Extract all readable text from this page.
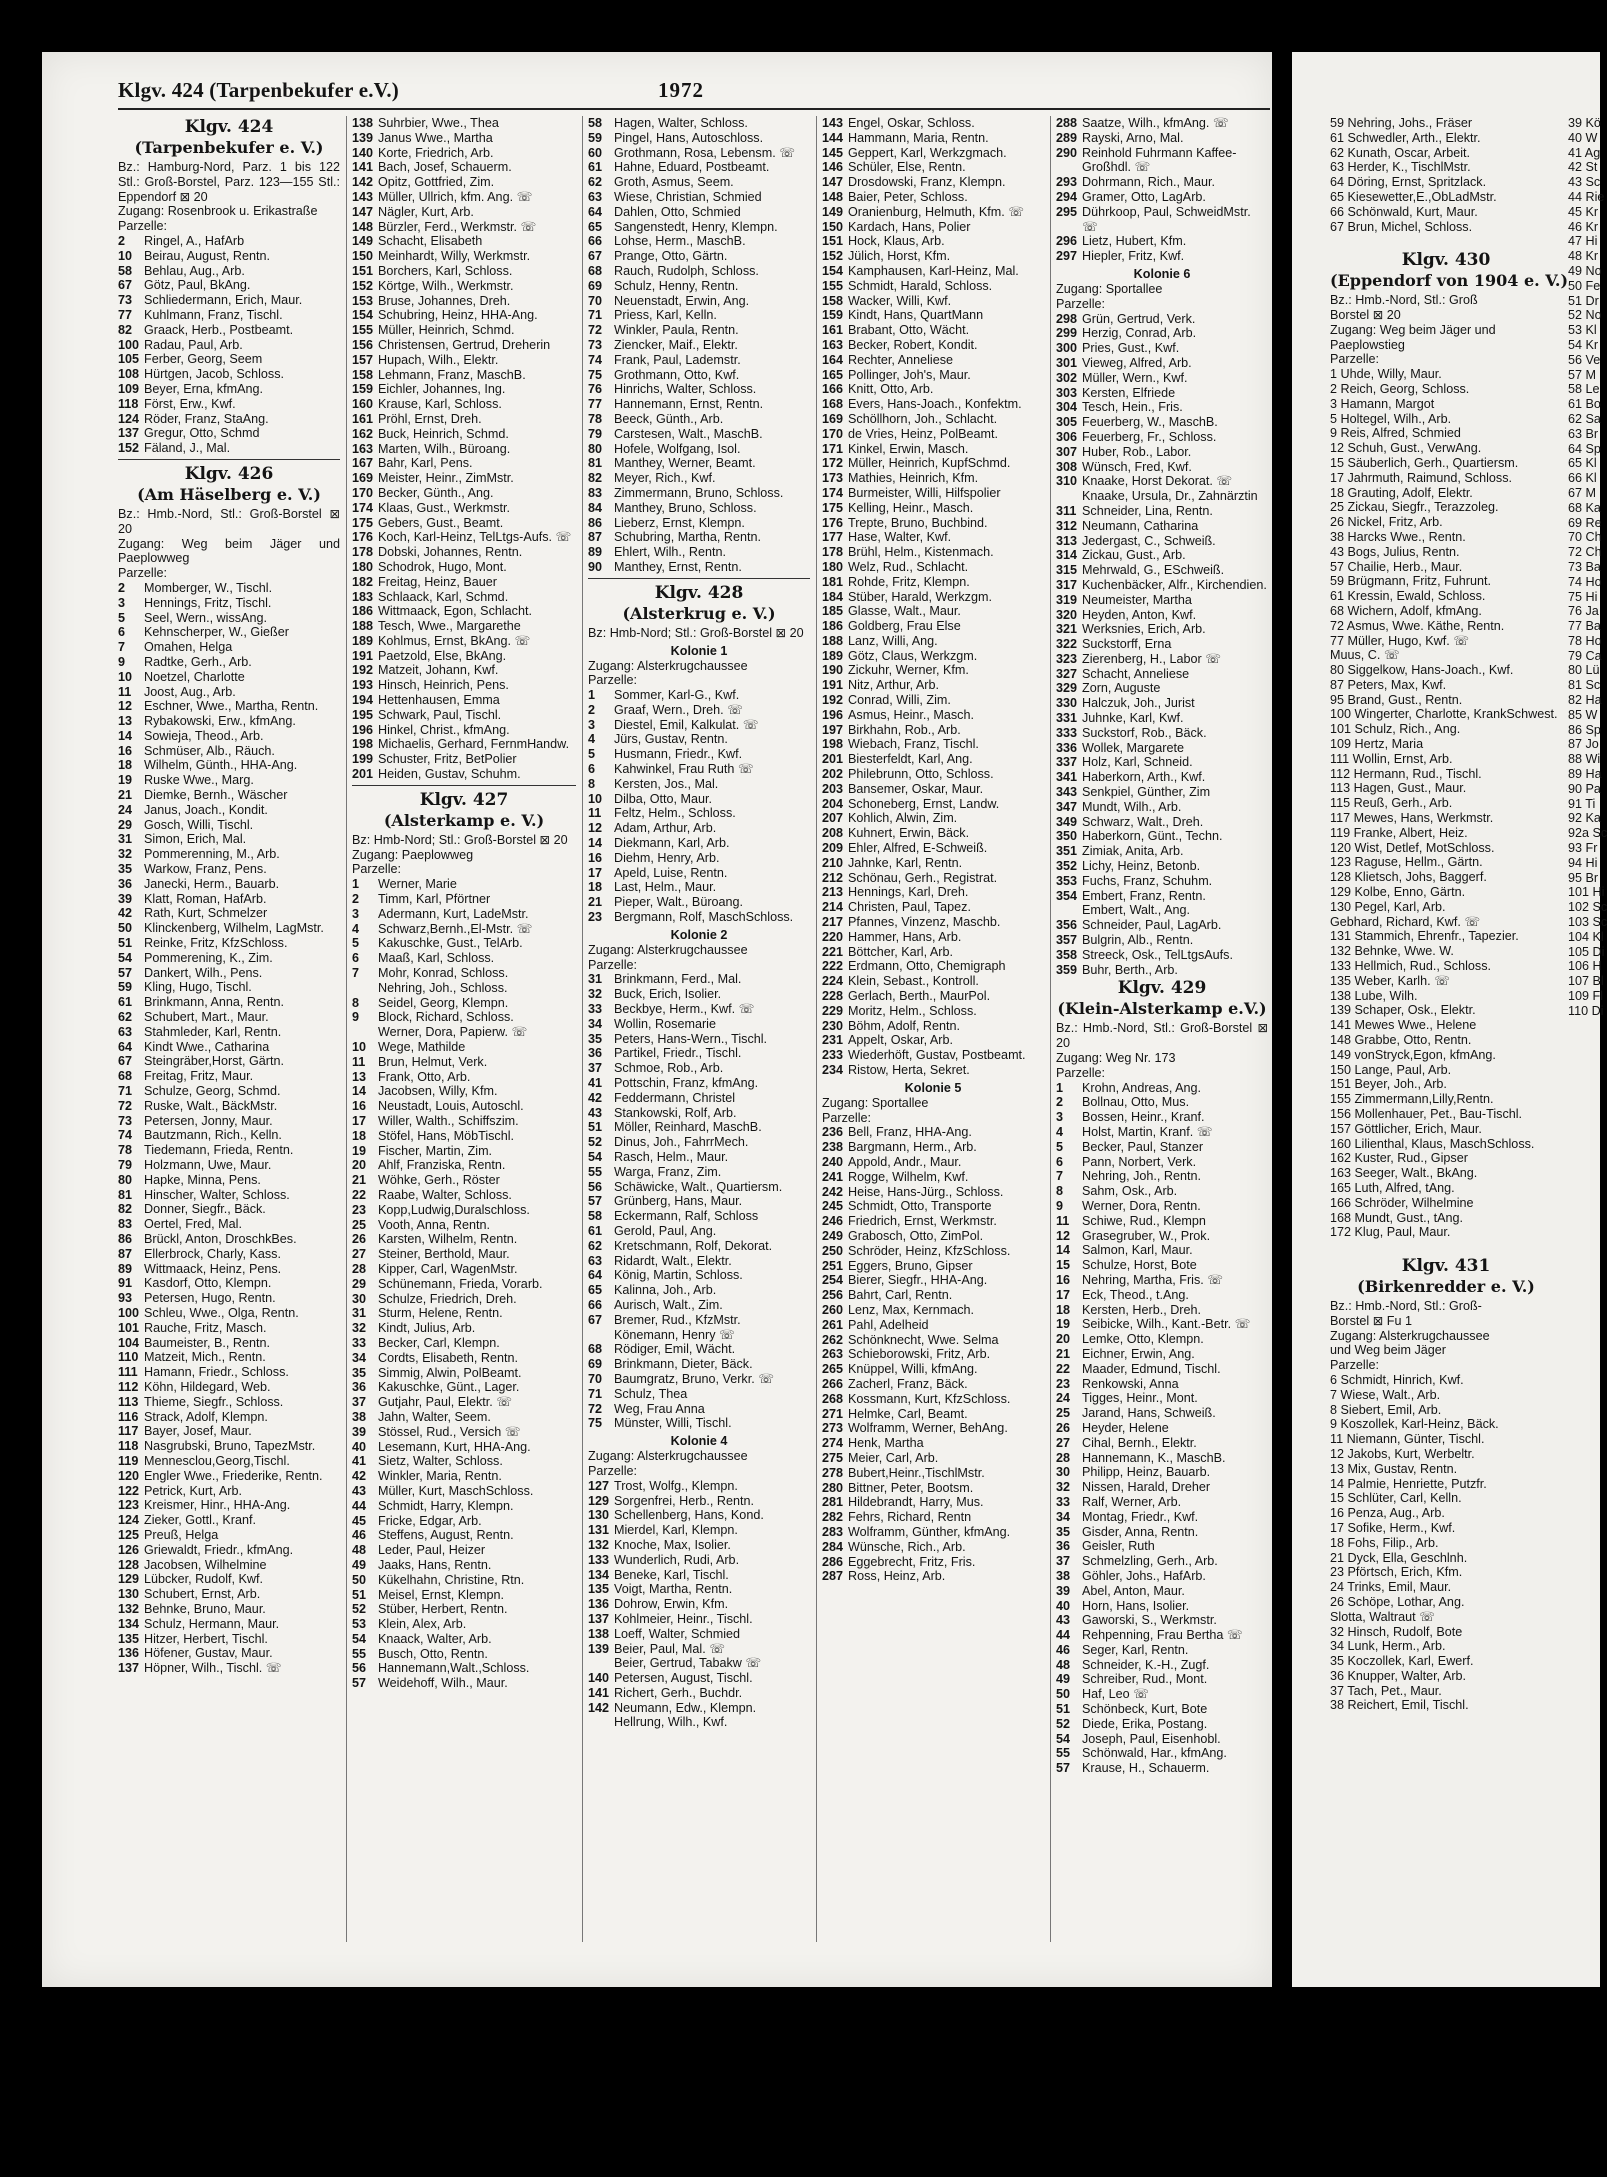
Klgv. 424 (Tarpenbekufer e.V.)	1972
Klgv. 424
(Tarpenbekufer e. V.)
Bz.: Hamburg-Nord, Parz. 1 bis 122 Stl.: Groß-Borstel, Parz. 123—155 Stl.: Eppendorf ⊠ 20
Zugang: Rosenbrook u. Erikastraße
Parzelle:
2 Ringel, A., HafArb
10 Beirau, August, Rentn.
58 Behlau, Aug., Arb.
67 Götz, Paul, BkAng.
73 Schliedermann, Erich, Maur.
77 Kuhlmann, Franz, Tischl.
82 Graack, Herb., Postbeamt.
100 Radau, Paul, Arb.
105 Ferber, Georg, Seem
108 Hürtgen, Jacob, Schloss.
109 Beyer, Erna, kfmAng.
118 Först, Erw., Kwf.
124 Röder, Franz, StaAng.
137 Gregur, Otto, Schmd
152 Fäland, J., Mal.
Klgv. 426
(Am Häselberg e. V.)
Bz.: Hmb.-Nord, Stl.: Groß-Borstel ⊠ 20
Zugang: Weg beim Jäger und Paeplowweg
Parzelle:
2 Momberger, W., Tischl.
3 Hennings, Fritz, Tischl.
5 Seel, Wern., wissAng.
6 Kehnscherper, W., Gießer
7 Omahen, Helga
9 Radtke, Gerh., Arb.
10 Noetzel, Charlotte
11 Joost, Aug., Arb.
12 Eschner, Wwe., Martha, Rentn.
13 Rybakowski, Erw., kfmAng.
14 Sowieja, Theod., Arb.
16 Schmüser, Alb., Räuch.
18 Wilhelm, Günth., HHA-Ang.
19 Ruske Wwe., Marg.
21 Diemke, Bernh., Wäscher
24 Janus, Joach., Kondit.
29 Gosch, Willi, Tischl.
31 Simon, Erich, Mal.
32 Pommerenning, M., Arb.
35 Warkow, Franz, Pens.
36 Janecki, Herm., Bauarb.
39 Klatt, Roman, HafArb.
42 Rath, Kurt, Schmelzer
50 Klinckenberg, Wilhelm, LagMstr.
51 Reinke, Fritz, KfzSchloss.
54 Pommerening, K., Zim.
57 Dankert, Wilh., Pens.
59 Kling, Hugo, Tischl.
61 Brinkmann, Anna, Rentn.
62 Schubert, Mart., Maur.
63 Stahmleder, Karl, Rentn.
64 Kindt Wwe., Catharina
67 Steingräber,Horst, Gärtn.
68 Freitag, Fritz, Maur.
71 Schulze, Georg, Schmd.
72 Ruske, Walt., BäckMstr.
73 Petersen, Jonny, Maur.
74 Bautzmann, Rich., Kelln.
78 Tiedemann, Frieda, Rentn.
79 Holzmann, Uwe, Maur.
80 Hapke, Minna, Pens.
81 Hinscher, Walter, Schloss.
82 Donner, Siegfr., Bäck.
83 Oertel, Fred, Mal.
86 Brückl, Anton, DroschkBes.
87 Ellerbrock, Charly, Kass.
89 Wittmaack, Heinz, Pens.
91 Kasdorf, Otto, Klempn.
93 Petersen, Hugo, Rentn.
100 Schleu, Wwe., Olga, Rentn.
101 Rauche, Fritz, Masch.
104 Baumeister, B., Rentn.
110 Matzeit, Mich., Rentn.
111 Hamann, Friedr., Schloss.
112 Köhn, Hildegard, Web.
113 Thieme, Siegfr., Schloss.
116 Strack, Adolf, Klempn.
117 Bayer, Josef, Maur.
118 Nasgrubski, Bruno, TapezMstr.
119 Mennesclou,Georg,Tischl.
120 Engler Wwe., Friederike, Rentn.
122 Petrick, Kurt, Arb.
123 Kreismer, Hinr., HHA-Ang.
124 Zieker, Gottl., Kranf.
125 Preuß, Helga
126 Griewaldt, Friedr., kfmAng.
128 Jacobsen, Wilhelmine
129 Lübcker, Rudolf, Kwf.
130 Schubert, Ernst, Arb.
132 Behnke, Bruno, Maur.
134 Schulz, Hermann, Maur.
135 Hitzer, Herbert, Tischl.
136 Höfener, Gustav, Maur.
137 Höpner, Wilh., Tischl. ☏
138 Suhrbier, Wwe., Thea
139 Janus Wwe., Martha
140 Korte, Friedrich, Arb.
141 Bach, Josef, Schauerm.
142 Opitz, Gottfried, Zim.
143 Müller, Ullrich, kfm. Ang. ☏
147 Nägler, Kurt, Arb.
148 Bürzler, Ferd., Werkmstr. ☏
149 Schacht, Elisabeth
150 Meinhardt, Willy, Werkmstr.
151 Borchers, Karl, Schloss.
152 Körtge, Wilh., Werkmstr.
153 Bruse, Johannes, Dreh.
154 Schubring, Heinz, HHA-Ang.
155 Müller, Heinrich, Schmd.
156 Christensen, Gertrud, Dreherin
157 Hupach, Wilh., Elektr.
158 Lehmann, Franz, MaschB.
159 Eichler, Johannes, Ing.
160 Krause, Karl, Schloss.
161 Pröhl, Ernst, Dreh.
162 Buck, Heinrich, Schmd.
163 Marten, Wilh., Büroang.
167 Bahr, Karl, Pens.
169 Meister, Heinr., ZimMstr.
170 Becker, Günth., Ang.
174 Klaas, Gust., Werkmstr.
175 Gebers, Gust., Beamt.
176 Koch, Karl-Heinz, TelLtgs-Aufs. ☏
178 Dobski, Johannes, Rentn.
180 Schodrok, Hugo, Mont.
182 Freitag, Heinz, Bauer
183 Schlaack, Karl, Schmd.
186 Wittmaack, Egon, Schlacht.
188 Tesch, Wwe., Margarethe
189 Kohlmus, Ernst, BkAng. ☏
191 Paetzold, Else, BkAng.
192 Matzeit, Johann, Kwf.
193 Hinsch, Heinrich, Pens.
194 Hettenhausen, Emma
195 Schwark, Paul, Tischl.
196 Hinkel, Christ., kfmAng.
198 Michaelis, Gerhard, FernmHandw.
199 Schuster, Fritz, BetPolier
201 Heiden, Gustav, Schuhm.
Klgv. 427
(Alsterkamp e. V.)
Bz: Hmb-Nord; Stl.: Groß-Borstel ⊠ 20
Zugang: Paeplowweg
Parzelle:
1 Werner, Marie
2 Timm, Karl, Pförtner
3 Adermann, Kurt, LadeMstr.
4 Schwarz,Bernh.,El-Mstr. ☏
5 Kakuschke, Gust., TelArb.
6 Maaß, Karl, Schloss.
7 Mohr, Konrad, Schloss.
Nehring, Joh., Schloss.
8 Seidel, Georg, Klempn.
9 Block, Richard, Schloss.
Werner, Dora, Papierw. ☏
10 Wege, Mathilde
11 Brun, Helmut, Verk.
13 Frank, Otto, Arb.
14 Jacobsen, Willy, Kfm.
16 Neustadt, Louis, Autoschl.
17 Willer, Walth., Schiffszim.
18 Stöfel, Hans, MöbTischl.
19 Fischer, Martin, Zim.
20 Ahlf, Franziska, Rentn.
21 Wöhke, Gerh., Röster
22 Raabe, Walter, Schloss.
23 Kopp,Ludwig,Duralschloss.
25 Vooth, Anna, Rentn.
26 Karsten, Wilhelm, Rentn.
27 Steiner, Berthold, Maur.
28 Kipper, Carl, WagenMstr.
29 Schünemann, Frieda, Vorarb.
30 Schulze, Friedrich, Dreh.
31 Sturm, Helene, Rentn.
32 Kindt, Julius, Arb.
33 Becker, Carl, Klempn.
34 Cordts, Elisabeth, Rentn.
35 Simmig, Alwin, PolBeamt.
36 Kakuschke, Günt., Lager.
37 Gutjahr, Paul, Elektr. ☏
38 Jahn, Walter, Seem.
39 Stössel, Rud., Versich ☏
40 Lesemann, Kurt, HHA-Ang.
41 Sietz, Walter, Schloss.
42 Winkler, Maria, Rentn.
43 Müller, Kurt, MaschSchloss.
44 Schmidt, Harry, Klempn.
45 Fricke, Edgar, Arb.
46 Steffens, August, Rentn.
48 Leder, Paul, Heizer
49 Jaaks, Hans, Rentn.
50 Kükelhahn, Christine, Rtn.
51 Meisel, Ernst, Klempn.
52 Stüber, Herbert, Rentn.
53 Klein, Alex, Arb.
54 Knaack, Walter, Arb.
55 Busch, Otto, Rentn.
56 Hannemann,Walt.,Schloss.
57 Weidehoff, Wilh., Maur.
58 Hagen, Walter, Schloss.
59 Pingel, Hans, Autoschloss.
60 Grothmann, Rosa, Lebensm. ☏
61 Hahne, Eduard, Postbeamt.
62 Groth, Asmus, Seem.
63 Wiese, Christian, Schmied
64 Dahlen, Otto, Schmied
65 Sangenstedt, Henry, Klempn.
66 Lohse, Herm., MaschB.
67 Prange, Otto, Gärtn.
68 Rauch, Rudolph, Schloss.
69 Schulz, Henny, Rentn.
70 Neuenstadt, Erwin, Ang.
71 Priess, Karl, Kelln.
72 Winkler, Paula, Rentn.
73 Ziencker, Maif., Elektr.
74 Frank, Paul, Lademstr.
75 Grothmann, Otto, Kwf.
76 Hinrichs, Walter, Schloss.
77 Hannemann, Ernst, Rentn.
78 Beeck, Günth., Arb.
79 Carstesen, Walt., MaschB.
80 Hofele, Wolfgang, Isol.
81 Manthey, Werner, Beamt.
82 Meyer, Rich., Kwf.
83 Zimmermann, Bruno, Schloss.
84 Manthey, Bruno, Schloss.
86 Lieberz, Ernst, Klempn.
87 Schubring, Martha, Rentn.
89 Ehlert, Wilh., Rentn.
90 Manthey, Ernst, Rentn.
Klgv. 428
(Alsterkrug e. V.)
Bz: Hmb-Nord; Stl.: Groß-Borstel ⊠ 20
Kolonie 1
Zugang: Alsterkrugchaussee
Parzelle:
1 Sommer, Karl-G., Kwf.
2 Graaf, Wern., Dreh. ☏
3 Diestel, Emil, Kalkulat. ☏
4 Jürs, Gustav, Rentn.
5 Husmann, Friedr., Kwf.
6 Kahwinkel, Frau Ruth ☏
8 Kersten, Jos., Mal.
10 Dilba, Otto, Maur.
11 Feltz, Helm., Schloss.
12 Adam, Arthur, Arb.
14 Diekmann, Karl, Arb.
16 Diehm, Henry, Arb.
17 Apeld, Luise, Rentn.
18 Last, Helm., Maur.
21 Pieper, Walt., Büroang.
23 Bergmann, Rolf, MaschSchloss.
Kolonie 2
Zugang: Alsterkrugchaussee
Parzelle:
31 Brinkmann, Ferd., Mal.
32 Buck, Erich, Isolier.
33 Beckbye, Herm., Kwf. ☏
34 Wollin, Rosemarie
35 Peters, Hans-Wern., Tischl.
36 Partikel, Friedr., Tischl.
37 Schmoe, Rob., Arb.
41 Pottschin, Franz, kfmAng.
42 Feddermann, Christel
43 Stankowski, Rolf, Arb.
51 Möller, Reinhard, MaschB.
52 Dinus, Joh., FahrrMech.
54 Rasch, Helm., Maur.
55 Warga, Franz, Zim.
56 Schäwicke, Walt., Quartiersm.
57 Grünberg, Hans, Maur.
58 Eckermann, Ralf, Schloss
61 Gerold, Paul, Ang.
62 Kretschmann, Rolf, Dekorat.
63 Ridardt, Walt., Elektr.
64 König, Martin, Schloss.
65 Kalinna, Joh., Arb.
66 Aurisch, Walt., Zim.
67 Bremer, Rud., KfzMstr.
Könemann, Henry ☏
68 Rödiger, Emil, Wächt.
69 Brinkmann, Dieter, Bäck.
70 Baumgratz, Bruno, Verkr. ☏
71 Schulz, Thea
72 Weg, Frau Anna
75 Münster, Willi, Tischl.
Kolonie 4
Zugang: Alsterkrugchaussee
Parzelle:
127 Trost, Wolfg., Klempn.
129 Sorgenfrei, Herb., Rentn.
130 Schellenberg, Hans, Kond.
131 Mierdel, Karl, Klempn.
132 Knoche, Max, Isolier.
133 Wunderlich, Rudi, Arb.
134 Beneke, Karl, Tischl.
135 Voigt, Martha, Rentn.
136 Dohrow, Erwin, Kfm.
137 Kohlmeier, Heinr., Tischl.
138 Loeff, Walter, Schmied
139 Beier, Paul, Mal. ☏
Beier, Gertrud, Tabakw ☏
140 Petersen, August, Tischl.
141 Richert, Gerh., Buchdr.
142 Neumann, Edw., Klempn.
Hellrung, Wilh., Kwf.
143 Engel, Oskar, Schloss.
144 Hammann, Maria, Rentn.
145 Geppert, Karl, Werkzgmach.
146 Schüler, Else, Rentn.
147 Drosdowski, Franz, Klempn.
148 Baier, Peter, Schloss.
149 Oranienburg, Helmuth, Kfm. ☏
150 Kardach, Hans, Polier
151 Hock, Klaus, Arb.
152 Jülich, Horst, Kfm.
154 Kamphausen, Karl-Heinz, Mal.
155 Schmidt, Harald, Schloss.
158 Wacker, Willi, Kwf.
159 Kindt, Hans, QuartMann
161 Brabant, Otto, Wächt.
163 Becker, Robert, Kondit.
164 Rechter, Anneliese
165 Pollinger, Joh's, Maur.
166 Knitt, Otto, Arb.
168 Evers, Hans-Joach., Konfektm.
169 Schöllhorn, Joh., Schlacht.
170 de Vries, Heinz, PolBeamt.
171 Kinkel, Erwin, Masch.
172 Müller, Heinrich, KupfSchmd.
173 Mathies, Heinrich, Kfm.
174 Burmeister, Willi, Hilfspolier
175 Kelling, Heinr., Masch.
176 Trepte, Bruno, Buchbind.
177 Hase, Walter, Kwf.
178 Brühl, Helm., Kistenmach.
180 Welz, Rud., Schlacht.
181 Rohde, Fritz, Klempn.
184 Stüber, Harald, Werkzgm.
185 Glasse, Walt., Maur.
186 Goldberg, Frau Else
188 Lanz, Willi, Ang.
189 Götz, Claus, Werkzgm.
190 Zickuhr, Werner, Kfm.
191 Nitz, Arthur, Arb.
192 Conrad, Willi, Zim.
196 Asmus, Heinr., Masch.
197 Birkhahn, Rob., Arb.
198 Wiebach, Franz, Tischl.
201 Biesterfeldt, Karl, Ang.
202 Philebrunn, Otto, Schloss.
203 Bansemer, Oskar, Maur.
204 Schoneberg, Ernst, Landw.
207 Kohlich, Alwin, Zim.
208 Kuhnert, Erwin, Bäck.
209 Ehler, Alfred, E-Schweiß.
210 Jahnke, Karl, Rentn.
212 Schönau, Gerh., Registrat.
213 Hennings, Karl, Dreh.
214 Christen, Paul, Tapez.
217 Pfannes, Vinzenz, Maschb.
220 Hammer, Hans, Arb.
221 Böttcher, Karl, Arb.
222 Erdmann, Otto, Chemigraph
224 Klein, Sebast., Kontroll.
228 Gerlach, Berth., MaurPol.
229 Moritz, Helm., Schloss.
230 Böhm, Adolf, Rentn.
231 Appelt, Oskar, Arb.
233 Wiederhöft, Gustav, Postbeamt.
234 Ristow, Herta, Sekret.
Kolonie 5
Zugang: Sportallee
Parzelle:
236 Bell, Franz, HHA-Ang.
238 Bargmann, Herm., Arb.
240 Appold, Andr., Maur.
241 Rogge, Wilhelm, Kwf.
242 Heise, Hans-Jürg., Schloss.
245 Schmidt, Otto, Transporte
246 Friedrich, Ernst, Werkmstr.
249 Grabosch, Otto, ZimPol.
250 Schröder, Heinz, KfzSchloss.
251 Eggers, Bruno, Gipser
254 Bierer, Siegfr., HHA-Ang.
256 Bahrt, Carl, Rentn.
260 Lenz, Max, Kernmach.
261 Pahl, Adelheid
262 Schönknecht, Wwe. Selma
263 Schieborowski, Fritz, Arb.
265 Knüppel, Willi, kfmAng.
266 Zacherl, Franz, Bäck.
268 Kossmann, Kurt, KfzSchloss.
271 Helmke, Carl, Beamt.
273 Wolframm, Werner, BehAng.
274 Henk, Martha
275 Meier, Carl, Arb.
278 Bubert,Heinr.,TischlMstr.
280 Bittner, Peter, Bootsm.
281 Hildebrandt, Harry, Mus.
282 Fehrs, Richard, Rentn
283 Wolframm, Günther, kfmAng.
284 Wünsche, Rich., Arb.
286 Eggebrecht, Fritz, Fris.
287 Ross, Heinz, Arb.
288 Saatze, Wilh., kfmAng. ☏
289 Rayski, Arno, Mal.
290 Reinhold Fuhrmann Kaffee-Großhdl. ☏
293 Dohrmann, Rich., Maur.
294 Gramer, Otto, LagArb.
295 Dührkoop, Paul, SchweidMstr. ☏
296 Lietz, Hubert, Kfm.
297 Hiepler, Fritz, Kwf.
Kolonie 6
Zugang: Sportallee
Parzelle:
298 Grün, Gertrud, Verk.
299 Herzig, Conrad, Arb.
300 Pries, Gust., Kwf.
301 Vieweg, Alfred, Arb.
302 Müller, Wern., Kwf.
303 Kersten, Elfriede
304 Tesch, Hein., Fris.
305 Feuerberg, W., MaschB.
306 Feuerberg, Fr., Schloss.
307 Huber, Rob., Labor.
308 Wünsch, Fred, Kwf.
310 Knaake, Horst Dekorat. ☏
Knaake, Ursula, Dr., Zahnärztin
311 Schneider, Lina, Rentn.
312 Neumann, Catharina
313 Jedergast, C., Schweiß.
314 Zickau, Gust., Arb.
315 Mehrwald, G., ESchweiß.
317 Kuchenbäcker, Alfr., Kirchendien.
319 Neumeister, Martha
320 Heyden, Anton, Kwf.
321 Werksnies, Erich, Arb.
322 Suckstorff, Erna
323 Zierenberg, H., Labor ☏
327 Schacht, Anneliese
329 Zorn, Auguste
330 Halczuk, Joh., Jurist
331 Juhnke, Karl, Kwf.
333 Suckstorf, Rob., Bäck.
336 Wollek, Margarete
337 Holz, Karl, Schneid.
341 Haberkorn, Arth., Kwf.
343 Senkpiel, Günther, Zim
347 Mundt, Wilh., Arb.
349 Schwarz, Walt., Dreh.
350 Haberkorn, Günt., Techn.
351 Zimiak, Anita, Arb.
352 Lichy, Heinz, Betonb.
353 Fuchs, Franz, Schuhm.
354 Embert, Franz, Rentn.
Embert, Walt., Ang.
356 Schneider, Paul, LagArb.
357 Bulgrin, Alb., Rentn.
358 Streeck, Osk., TelLtgsAufs.
359 Buhr, Berth., Arb.
Klgv. 429
(Klein-Alsterkamp e.V.)
Bz.: Hmb.-Nord, Stl.: Groß-Borstel ⊠ 20
Zugang: Weg Nr. 173
Parzelle:
1 Krohn, Andreas, Ang.
2 Bollnau, Otto, Mus.
3 Bossen, Heinr., Kranf.
4 Holst, Martin, Kranf. ☏
5 Becker, Paul, Stanzer
6 Pann, Norbert, Verk.
7 Nehring, Joh., Rentn.
8 Sahm, Osk., Arb.
9 Werner, Dora, Rentn.
11 Schiwe, Rud., Klempn
12 Grasegruber, W., Prok.
14 Salmon, Karl, Maur.
15 Schulze, Horst, Bote
16 Nehring, Martha, Fris. ☏
17 Eck, Theod., t.Ang.
18 Kersten, Herb., Dreh.
19 Seibicke, Wilh., Kant.-Betr. ☏
20 Lemke, Otto, Klempn.
21 Eichner, Erwin, Ang.
22 Maader, Edmund, Tischl.
23 Renkowski, Anna
24 Tigges, Heinr., Mont.
25 Jarand, Hans, Schweiß.
26 Heyder, Helene
27 Cihal, Bernh., Elektr.
28 Hannemann, K., MaschB.
30 Philipp, Heinz, Bauarb.
32 Nissen, Harald, Dreher
33 Ralf, Werner, Arb.
34 Montag, Friedr., Kwf.
35 Gisder, Anna, Rentn.
36 Geisler, Ruth
37 Schmelzling, Gerh., Arb.
38 Göhler, Johs., HafArb.
39 Abel, Anton, Maur.
40 Horn, Hans, Isolier.
43 Gaworski, S., Werkmstr.
44 Rehpenning, Frau Bertha ☏
46 Seger, Karl, Rentn.
48 Schneider, K.-H., Zugf.
49 Schreiber, Rud., Mont.
50 Haf, Leo ☏
51 Schönbeck, Kurt, Bote
52 Diede, Erika, Postang.
54 Joseph, Paul, Eisenhobl.
55 Schönwald, Har., kfmAng.
57 Krause, H., Schauerm.
59 Nehring, Johs., Fräser
61 Schwedler, Arth., Elektr.
62 Kunath, Oscar, Arbeit.
63 Herder, K., TischlMstr.
64 Döring, Ernst, Spritzlack.
65 Kiesewetter,E.,ObLadMstr.
66 Schönwald, Kurt, Maur.
67 Brun, Michel, Schloss.

Klgv. 430
(Eppendorf von 1904 e. V.)
Bz.: Hmb.-Nord, Stl.: Groß
Borstel ⊠ 20
Zugang: Weg beim Jäger und
Paeplowstieg
Parzelle:
1 Uhde, Willy, Maur.
2 Reich, Georg, Schloss.
3 Hamann, Margot
5 Holtegel, Wilh., Arb.
9 Reis, Alfred, Schmied
12 Schuh, Gust., VerwAng.
15 Säuberlich, Gerh., Quartiersm.
17 Jahrmuth, Raimund, Schloss.
18 Grauting, Adolf, Elektr.
25 Zickau, Siegfr., Terazzoleg.
26 Nickel, Fritz, Arb.
38 Harcks Wwe., Rentn.
43 Bogs, Julius, Rentn.
57 Chailie, Herb., Maur.
59 Brügmann, Fritz, Fuhrunt.
61 Kressin, Ewald, Schloss.
68 Wichern, Adolf, kfmAng.
72 Asmus, Wwe. Käthe, Rentn.
77 Müller, Hugo, Kwf. ☏
Muus, C. ☏
80 Siggelkow, Hans-Joach., Kwf.
87 Peters, Max, Kwf.
95 Brand, Gust., Rentn.
100 Wingerter, Charlotte, KrankSchwest.
101 Schulz, Rich., Ang.
109 Hertz, Maria
111 Wollin, Ernst, Arb.
112 Hermann, Rud., Tischl.
113 Hagen, Gust., Maur.
115 Reuß, Gerh., Arb.
117 Mewes, Hans, Werkmstr.
119 Franke, Albert, Heiz.
120 Wist, Detlef, MotSchloss.
123 Raguse, Hellm., Gärtn.
128 Klietsch, Johs, Baggerf.
129 Kolbe, Enno, Gärtn.
130 Pegel, Karl, Arb.
Gebhard, Richard, Kwf. ☏
131 Stammich, Ehrenfr., Tapezier.
132 Behnke, Wwe. W.
133 Hellmich, Rud., Schloss.
135 Weber, Karlh. ☏
138 Lube, Wilh.
139 Schaper, Osk., Elektr.
141 Mewes Wwe., Helene
148 Grabbe, Otto, Rentn.
149 vonStryck,Egon, kfmAng.
150 Lange, Paul, Arb.
151 Beyer, Joh., Arb.
155 Zimmermann,Lilly,Rentn.
156 Mollenhauer, Pet., Bau-Tischl.
157 Göttlicher, Erich, Maur.
160 Lilienthal, Klaus, MaschSchloss.
162 Kuster, Rud., Gipser
163 Seeger, Walt., BkAng.
165 Luth, Alfred, tAng.
166 Schröder, Wilhelmine
168 Mundt, Gust., tAng.
172 Klug, Paul, Maur.

Klgv. 431
(Birkenredder e. V.)
Bz.: Hmb.-Nord, Stl.: Groß-
Borstel ⊠ Fu 1
Zugang: Alsterkrugchaussee
und Weg beim Jäger
Parzelle:
6 Schmidt, Hinrich, Kwf.
7 Wiese, Walt., Arb.
8 Siebert, Emil, Arb.
9 Koszollek, Karl-Heinz, Bäck.
11 Niemann, Günter, Tischl.
12 Jakobs, Kurt, Werbeltr.
13 Mix, Gustav, Rentn.
14 Palmie, Henriette, Putzfr.
15 Schlüter, Carl, Kelln.
16 Penza, Aug., Arb.
17 Sofike, Herm., Kwf.
18 Fohs, Filip., Arb.
21 Dyck, Ella, Geschlnh.
23 Pförtsch, Erich, Kfm.
24 Trinks, Emil, Maur.
26 Schöpe, Lothar, Ang.
Slotta, Waltraut ☏
32 Hinsch, Rudolf, Bote
34 Lunk, Herm., Arb.
35 Koczollek, Karl, Ewerf.
36 Knupper, Walter, Arb.
37 Tach, Pet., Maur.
38 Reichert, Emil, Tischl.
39 Kö
40 W
41 Ag
42 St
43 Sc
44 Rie
45 Kr
46 Kr
47 Hi
48 Kr
49 No
50 Fe
51 Dr
52 No
53 Kl
54 Kr
56 Ve
57 M
58 Le
61 Bo
62 Sa
63 Br
64 Sp
65 Kl
66 Kl
67 M
68 Ka
69 Re
70 Ch
72 Ch
73 Ba
74 Ho
75 Hi
76 Ja
77 Ba
78 Ho
79 Ca
80 Lü
81 Sc
82 Ha
85 W
86 Sp
87 Jo
88 Wi
89 Ha
90 Pa
91 Ti
92 Ka
92a Sc
93 Fr
94 Hi
95 Br
101 Hi
102 Sc
103 Sc
104 Kl
105 Di
106 H
107 Bl
109 Fl
110 Di
